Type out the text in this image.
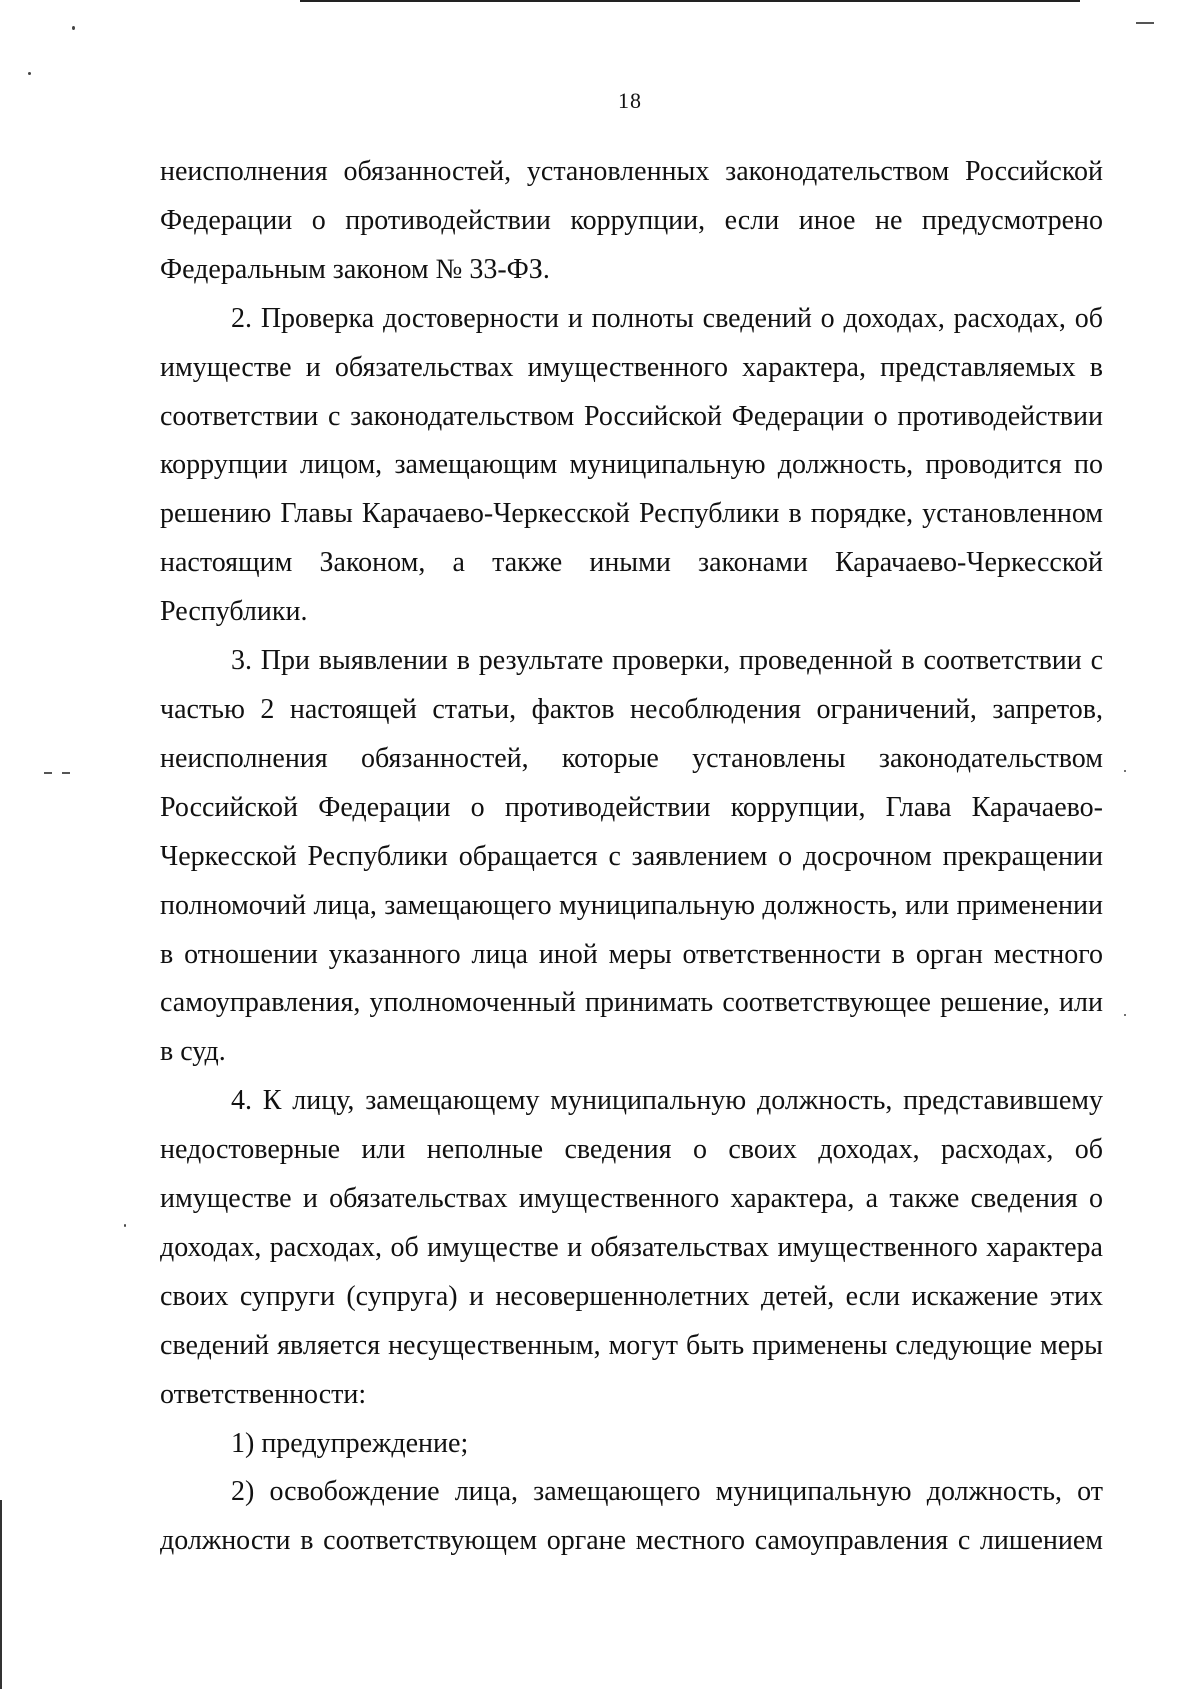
18

неисполнения обязанностей, установленных законодательством Российской Федерации о противодействии коррупции, если иное не предусмотрено Федеральным законом № 33-ФЗ.

2. Проверка достоверности и полноты сведений о доходах, расходах, об имуществе и обязательствах имущественного характера, представляемых в соответствии с законодательством Российской Федерации о противодействии коррупции лицом, замещающим муниципальную должность, проводится по решению Главы Карачаево-Черкесской Республики в порядке, установленном настоящим Законом, а также иными законами Карачаево-Черкесской Республики.

3. При выявлении в результате проверки, проведенной в соответствии с частью 2 настоящей статьи, фактов несоблюдения ограничений, запретов, неисполнения обязанностей, которые установлены законодательством Российской Федерации о противодействии коррупции, Глава Карачаево-Черкесской Республики обращается с заявлением о досрочном прекращении полномочий лица, замещающего муниципальную должность, или применении в отношении указанного лица иной меры ответственности в орган местного самоуправления, уполномоченный принимать соответствующее решение, или в суд.

4. К лицу, замещающему муниципальную должность, представившему недостоверные или неполные сведения о своих доходах, расходах, об имуществе и обязательствах имущественного характера, а также сведения о доходах, расходах, об имуществе и обязательствах имущественного характера своих супруги (супруга) и несовершеннолетних детей, если искажение этих сведений является несущественным, могут быть применены следующие меры ответственности:

1) предупреждение;

2) освобождение лица, замещающего муниципальную должность, от должности в соответствующем органе местного самоуправления с лишением
